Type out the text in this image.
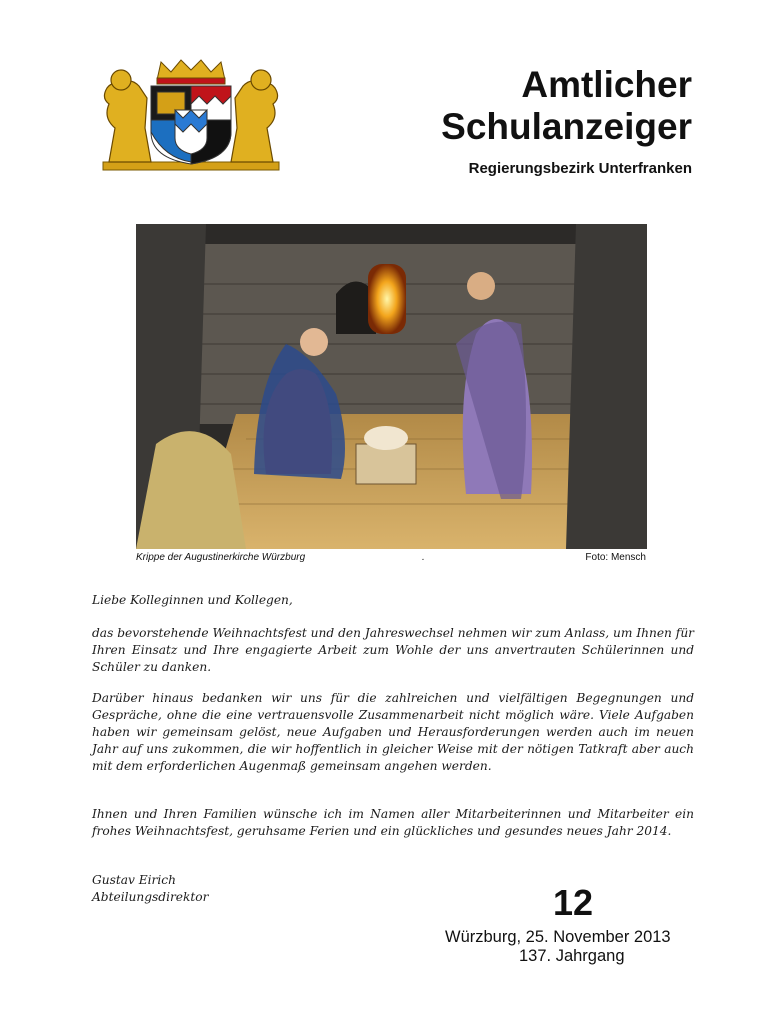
Amtlicher
Schulanzeiger
Regierungsbezirk Unterfranken
Krippe der Augustinerkirche Würzburg	.	Foto: Mensch

Liebe Kolleginnen und Kollegen,

das bevorstehende Weihnachtsfest und den Jahreswechsel nehmen wir zum Anlass, um Ihnen für Ihren Einsatz und Ihre engagierte Arbeit zum Wohle der uns anvertrauten Schülerinnen und Schüler zu danken.

Darüber hinaus bedanken wir uns für die zahlreichen und vielfältigen Begegnungen und Gespräche, ohne die eine vertrauensvolle Zusammenarbeit nicht möglich wäre. Viele Aufgaben haben wir gemeinsam gelöst, neue Aufgaben und Herausforderungen werden auch im neuen Jahr auf uns zukommen, die wir hoffentlich in gleicher Weise mit der nötigen Tatkraft aber auch mit dem erforderlichen Augenmaß gemeinsam angehen werden.

Ihnen und Ihren Familien wünsche ich im Namen aller Mitarbeiterinnen und Mitarbeiter ein frohes Weihnachtsfest, geruhsame Ferien und ein glückliches und gesundes neues Jahr 2014.

Gustav Eirich

Abteilungsdirektor	12
Würzburg, 25. November 2013
137. Jahrgang
